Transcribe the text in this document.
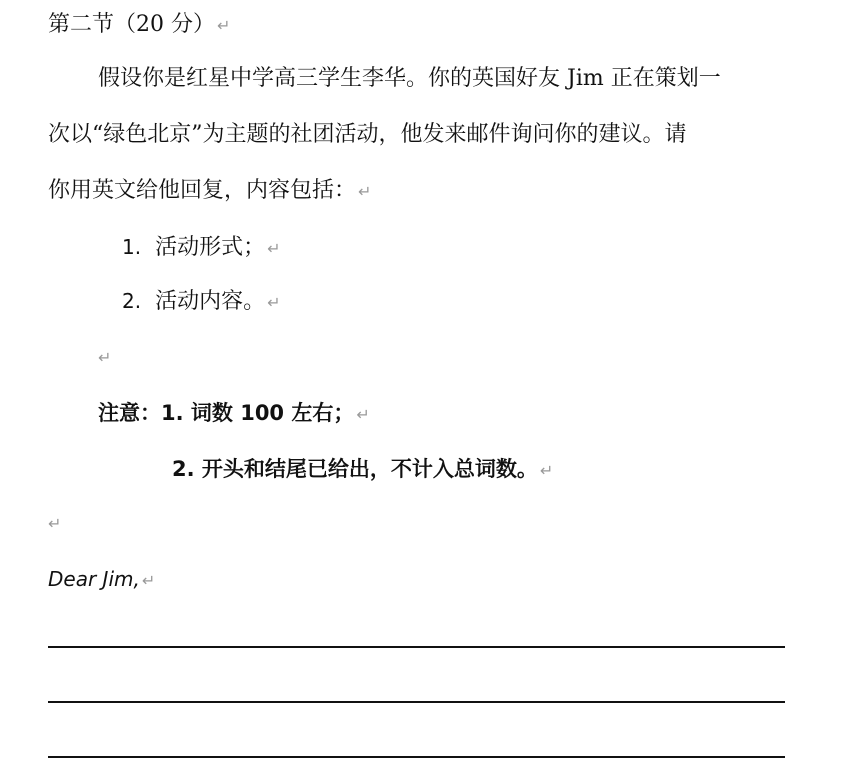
第二节（20 分） ↵
假设你是红星中学高三学生李华。你的英国好友 Jim 正在策划一
次以“绿色北京”为主题的社团活动，他发来邮件询问你的建议。请
你用英文给他回复，内容包括： ↵
1. 活动形式； ↵
2. 活动内容。 ↵
↵
注意：1. 词数 100 左右； ↵
2. 开头和结尾已给出，不计入总词数。 ↵
↵
Dear Jim, ↵
